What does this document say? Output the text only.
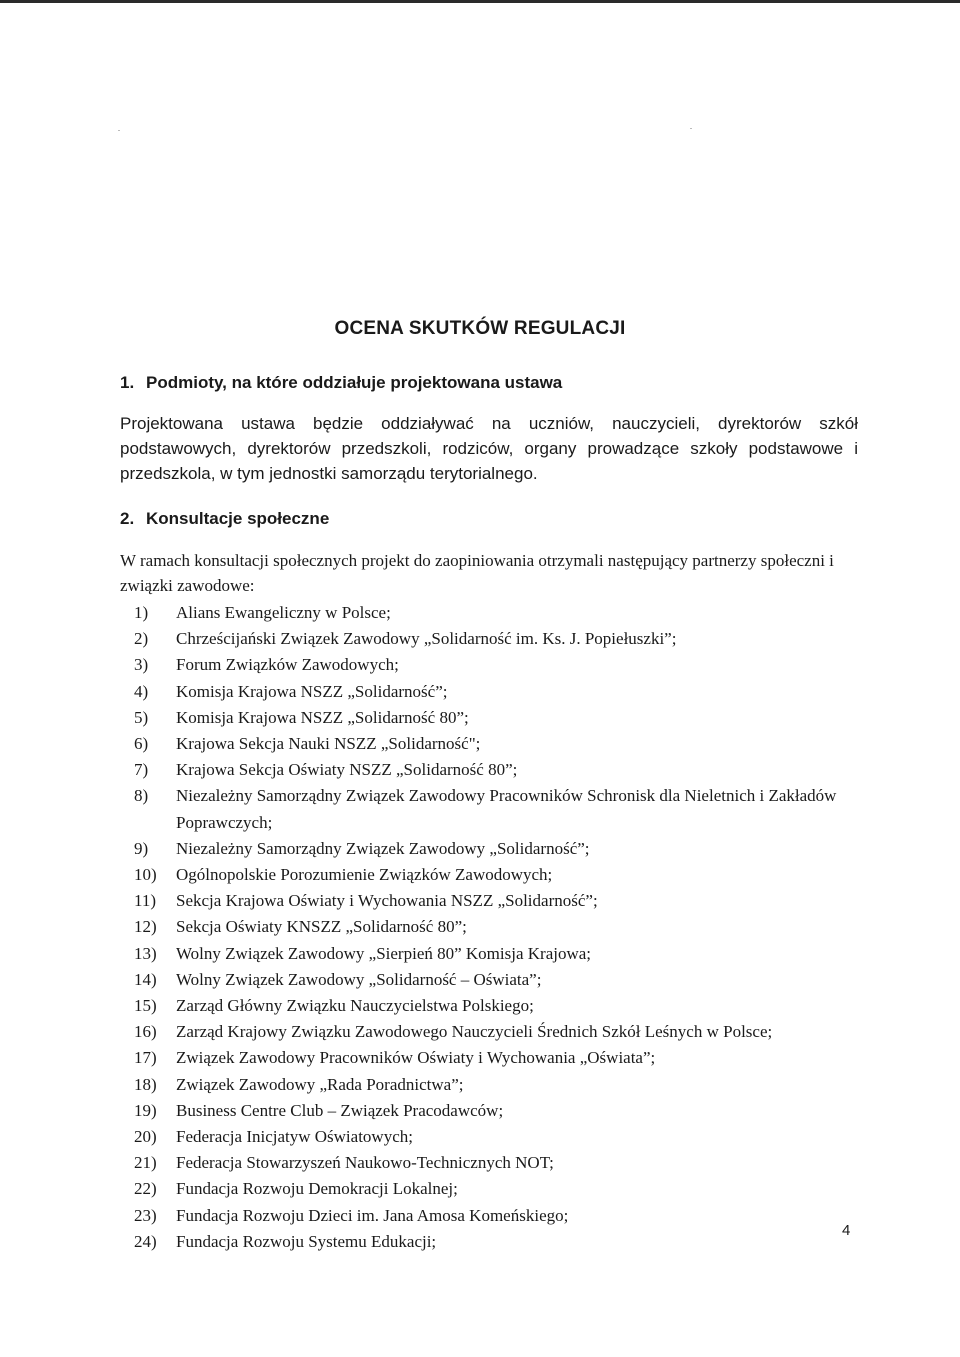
OCENA SKUTKÓW REGULACJI
1. Podmioty, na które oddziałuje projektowana ustawa
Projektowana ustawa będzie oddziaływać na uczniów, nauczycieli, dyrektorów szkół podstawowych, dyrektorów przedszkoli, rodziców, organy prowadzące szkoły podstawowe i przedszkola, w tym jednostki samorządu terytorialnego.
2. Konsultacje społeczne
W ramach konsultacji społecznych projekt do zaopiniowania otrzymali następujący partnerzy społeczni i związki zawodowe:
1)	Alians Ewangeliczny w Polsce;
2)	Chrześcijański Związek Zawodowy „Solidarność im. Ks. J. Popiełuszki”;
3)	Forum Związków Zawodowych;
4)	Komisja Krajowa NSZZ „Solidarność”;
5)	Komisja Krajowa NSZZ „Solidarność 80”;
6)	Krajowa Sekcja Nauki NSZZ „Solidarność";
7)	Krajowa Sekcja Oświaty NSZZ „Solidarność 80”;
8)	Niezależny Samorządny Związek Zawodowy Pracowników Schronisk dla Nieletnich i Zakładów Poprawczych;
9)	Niezależny Samorządny Związek Zawodowy „Solidarność”;
10)	Ogólnopolskie Porozumienie Związków Zawodowych;
11)	Sekcja Krajowa Oświaty i Wychowania NSZZ „Solidarność”;
12)	Sekcja Oświaty KNSZZ „Solidarność 80”;
13)	Wolny Związek Zawodowy „Sierpień 80” Komisja Krajowa;
14)	Wolny Związek Zawodowy „Solidarność – Oświata”;
15)	Zarząd Główny Związku Nauczycielstwa Polskiego;
16)	Zarząd Krajowy Związku Zawodowego Nauczycieli Średnich Szkół Leśnych w Polsce;
17)	Związek Zawodowy Pracowników Oświaty i Wychowania „Oświata”;
18)	Związek Zawodowy „Rada Poradnictwa”;
19)	Business Centre Club – Związek Pracodawców;
20)	Federacja Inicjatyw Oświatowych;
21)	Federacja Stowarzyszeń Naukowo-Technicznych NOT;
22)	Fundacja Rozwoju Demokracji Lokalnej;
23)	Fundacja Rozwoju Dzieci im. Jana Amosa Komeńskiego;
24)	Fundacja Rozwoju Systemu Edukacji;
4
